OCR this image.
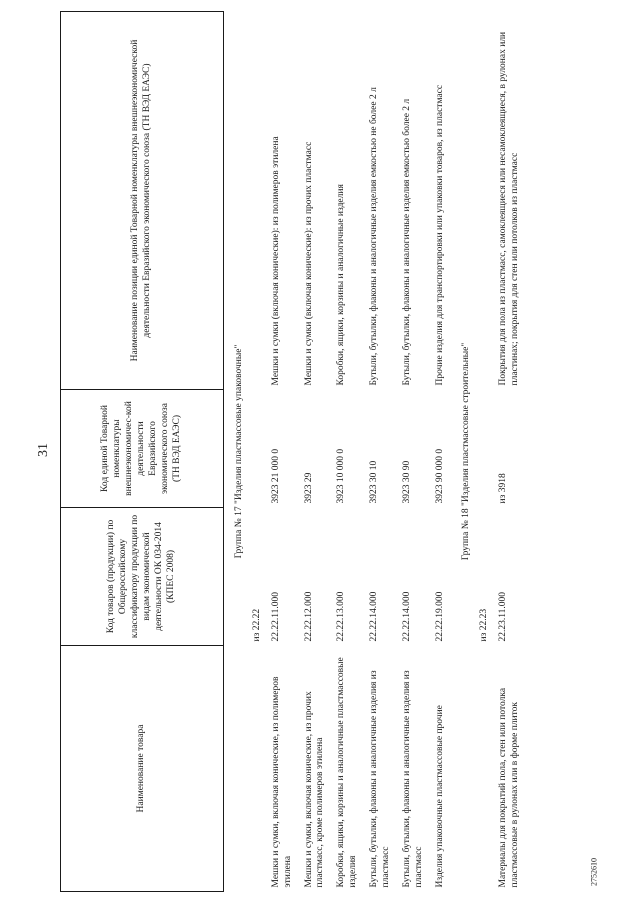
31
2752610
Наименование товара	Код товаров (продукции) по Общероссийскому классификатору продукции по видам экономической деятельности ОК 034-2014 (КПЕС 2008)	Код единой Товарной номенклатуры внешнеэкономичес-кой деятельности Евразийского экономического союза (ТН ВЭД ЕАЭС)	Наименование позиции единой Товарной номенклатуры внешнеэкономической деятельности Евразийского экономического союза (ТН ВЭД ЕАЭС)
Группа № 17 "Изделия пластмассовые упаковочные"			
	из 22.22		
Мешки и сумки, включая конические, из полимеров этилена	22.22.11.000	3923 21 000 0	Мешки и сумки (включая конические): из полимеров этилена
Мешки и сумки, включая конические, из прочих пластмасс, кроме полимеров этилена	22.22.12.000	3923 29	Мешки и сумки (включая конические): из прочих пластмасс
Коробки, ящики, корзины и аналогичные пластмассовые изделия	22.22.13.000	3923 10 000 0	Коробки, ящики, корзины и аналогичные изделия
Бутыли, бутылки, флаконы и аналогичные изделия из пластмасс	22.22.14.000	3923 30 10	Бутыли, бутылки, флаконы и аналогичные изделия емкостью не более 2 л
Бутыли, бутылки, флаконы и аналогичные изделия из пластмасс	22.22.14.000	3923 30 90	Бутыли, бутылки, флаконы и аналогичные изделия емкостью более 2 л
Изделия упаковочные пластмассовые прочие	22.22.19.000	3923 90 000 0	Прочие изделия для транспортировки или упаковки товаров, из пластмасс
Группа № 18 "Изделия пластмассовые строительные"			
	из 22.23		
Материалы для покрытий пола, стен или потолка пластмассовые в рулонах или в форме плиток	22.23.11.000	из 3918	Покрытия для пола из пластмасс, самоклеящиеся или несамоклеящиеся, в рулонах или пластинах; покрытия для стен или потолков из пластмасс
